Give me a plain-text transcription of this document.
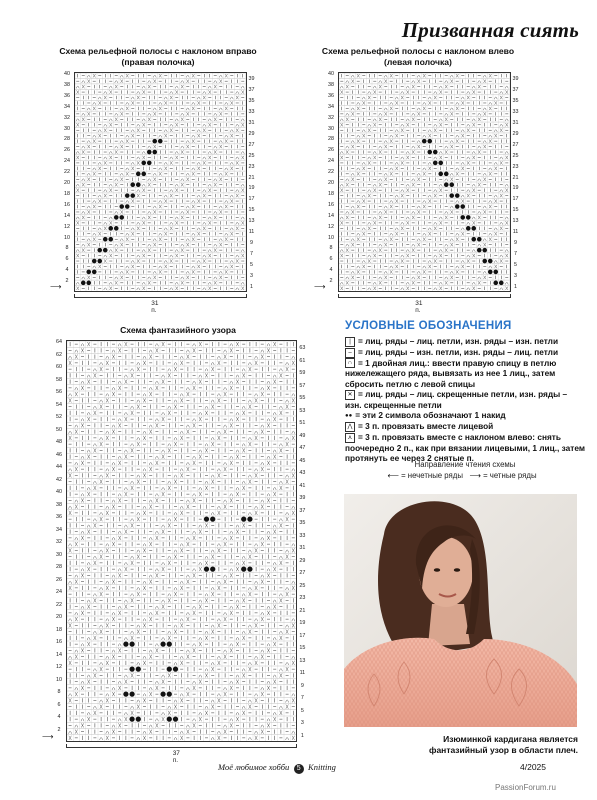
Призванная сиять
Схема рельефной полосы с наклоном вправо
(правая полочка)
40
38
36
34
32
30
28
26
24
22
20
18
16
14
12
10
8
6
4
2
39
37
35
33
31
29
27
25
23
21
19
17
15
13
11
9
7
5
3
1
31 п.
⟶
Схема рельефной полосы с наклоном влево
(левая полочка)
40
38
36
34
32
30
28
26
24
22
20
18
16
14
12
10
8
6
4
2
39
37
35
33
31
29
27
25
23
21
19
17
15
13
11
9
7
5
3
1
31 п.
⟶
Схема фантазийного узора
64
62
60
58
56
54
52
50
48
46
44
42
40
38
36
34
32
30
28
26
24
22
20
18
16
14
12
10
8
6
4
2
63
61
59
57
55
53
51
49
47
45
43
41
39
37
35
33
31
29
27
25
23
21
19
17
15
13
11
9
7
5
3
1
37 п.
⟶
УСЛОВНЫЕ ОБОЗНАЧЕНИЯ
| = лиц. ряды – лиц. петли, изн. ряды – изн. петли
– = лиц. ряды – изн. петли, изн. ряды – лиц. петли
∩ = 1 двойная лиц.: ввести правую спицу в петлю нижележащего ряда, вывязать из нее 1 лиц., затем сбросить петлю с левой спицы
✕ = лиц. ряды – лиц. скрещенные петли, изн. ряды – изн. скрещенные петли
●● = эти 2 символа обозначают 1 накид
⋀ = 3 п. провязать вместе лицевой
⋏ = 3 п. провязать вместе с наклоном влево: снять поочередно 2 п., как при вязании лицевыми, 1 лиц., затем протянуть ее через 2 снятые п.
Направление чтения схемы
⟵ = нечетные ряды ⟶ = четные ряды
Изюминкой кардигана является
фантазийный узор в области плеч.
Моё любимое хобби 5 Knitting	4/2025
PassionForum.ru
